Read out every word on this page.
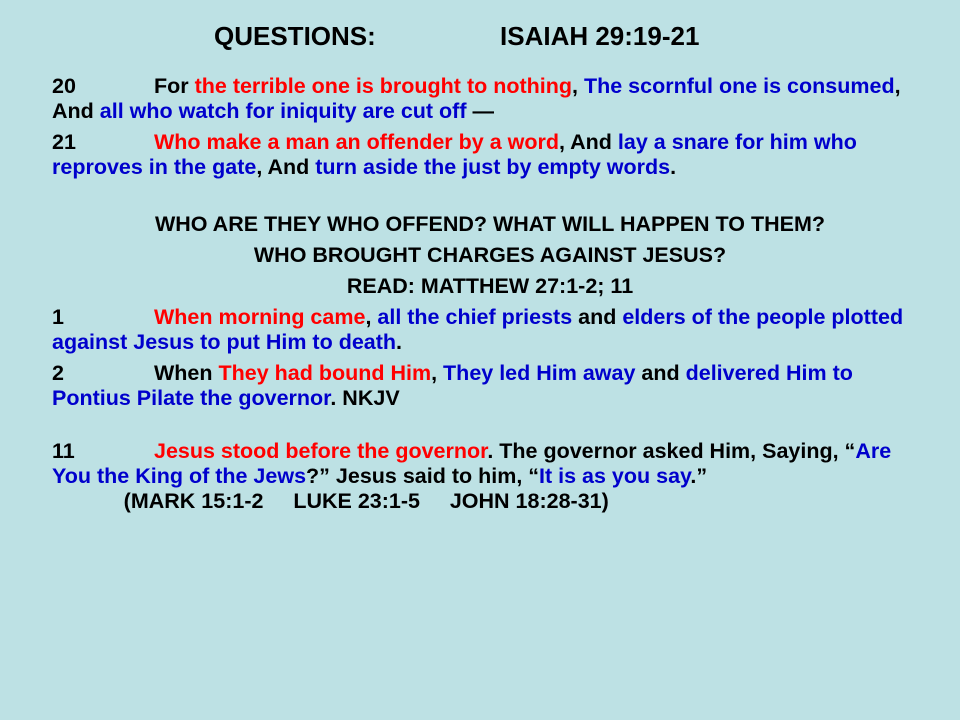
QUESTIONS:	ISAIAH 29:19-21

20	For the terrible one is brought to nothing, The scornful one is consumed, And all who watch for iniquity are cut off —

21	Who make a man an offender by a word, And lay a snare for him who reproves in the gate, And turn aside the just by empty words.

WHO ARE THEY WHO OFFEND? WHAT WILL HAPPEN TO THEM?

WHO BROUGHT CHARGES AGAINST JESUS?

READ: MATTHEW 27:1-2; 11

1	When morning came, all the chief priests and elders of the people plotted against Jesus to put Him to death.

2	When They had bound Him, They led Him away and delivered Him to Pontius Pilate the governor. NKJV

11	Jesus stood before the governor. The governor asked Him, Saying, “Are You the King of the Jews?” Jesus said to him, “It is as you say.”            (MARK 15:1-2     LUKE 23:1-5     JOHN 18:28-31)
